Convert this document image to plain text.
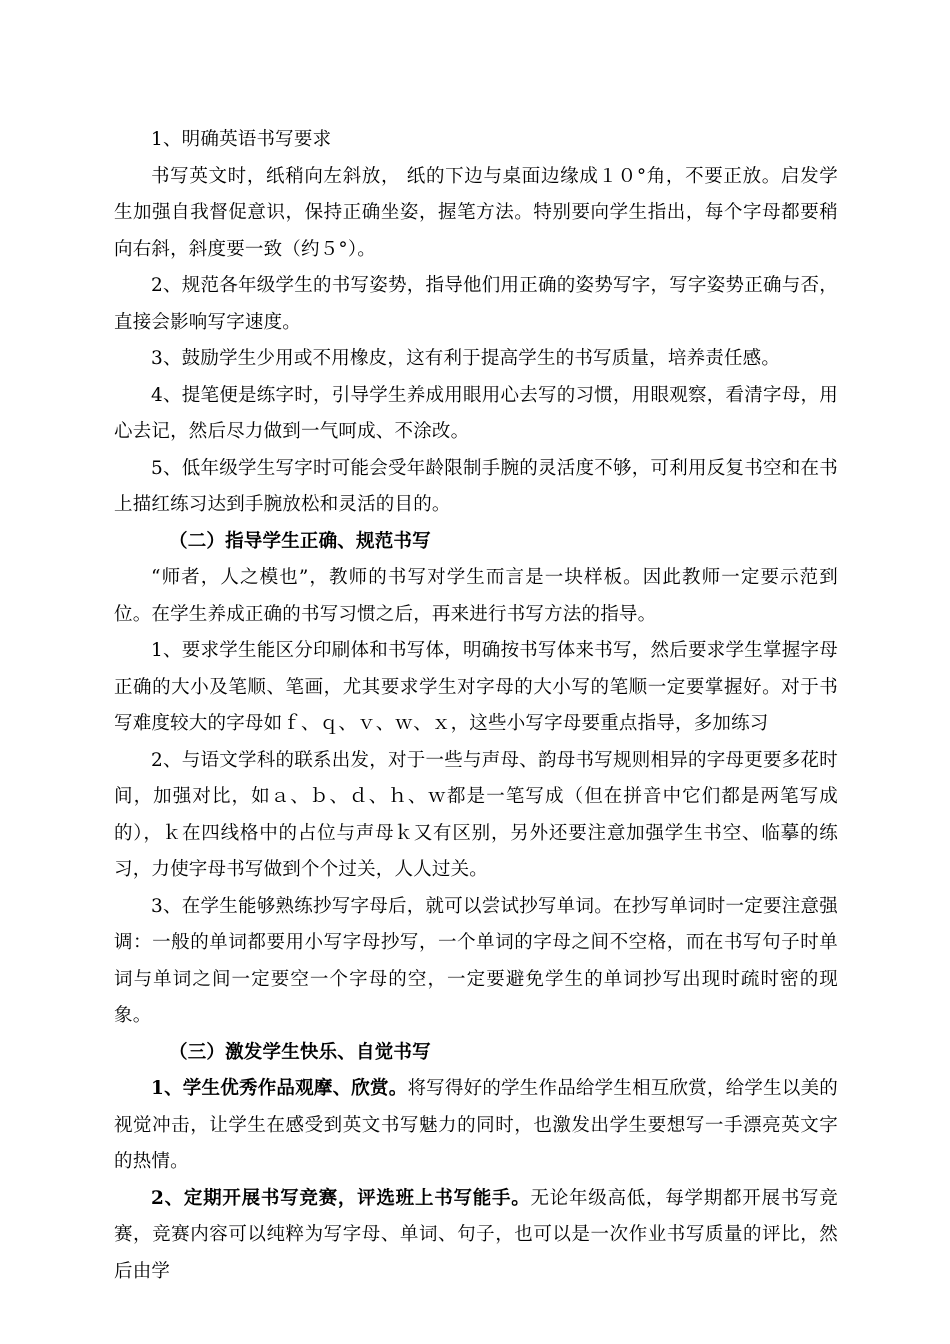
1、明确英语书写要求

书写英文时，纸稍向左斜放， 纸的下边与桌面边缘成１０°角，不要正放。启发学生加强自我督促意识，保持正确坐姿，握笔方法。特别要向学生指出，每个字母都要稍向右斜，斜度要一致（约５°）。

2、规范各年级学生的书写姿势，指导他们用正确的姿势写字，写字姿势正确与否，直接会影响写字速度。

3、鼓励学生少用或不用橡皮，这有利于提高学生的书写质量，培养责任感。

4、提笔便是练字时，引导学生养成用眼用心去写的习惯，用眼观察，看清字母，用心去记，然后尽力做到一气呵成、不涂改。

5、低年级学生写字时可能会受年龄限制手腕的灵活度不够，可利用反复书空和在书上描红练习达到手腕放松和灵活的目的。

（二）指导学生正确、规范书写

“师者，人之模也”，教师的书写对学生而言是一块样板。因此教师一定要示范到位。在学生养成正确的书写习惯之后，再来进行书写方法的指导。

1、要求学生能区分印刷体和书写体，明确按书写体来书写，然后要求学生掌握字母正确的大小及笔顺、笔画，尤其要求学生对字母的大小写的笔顺一定要掌握好。对于书写难度较大的字母如ｆ、ｑ、ｖ、ｗ、ｘ，这些小写字母要重点指导，多加练习

2、与语文学科的联系出发，对于一些与声母、韵母书写规则相异的字母更要多花时间，加强对比，如ａ、ｂ、ｄ、ｈ、ｗ都是一笔写成（但在拼音中它们都是两笔写成的），ｋ在四线格中的占位与声母ｋ又有区别，另外还要注意加强学生书空、临摹的练习，力使字母书写做到个个过关，人人过关。

3、在学生能够熟练抄写字母后，就可以尝试抄写单词。在抄写单词时一定要注意强调：一般的单词都要用小写字母抄写，一个单词的字母之间不空格，而在书写句子时单词与单词之间一定要空一个字母的空，一定要避免学生的单词抄写出现时疏时密的现象。

（三）激发学生快乐、自觉书写

1、学生优秀作品观摩、欣赏。将写得好的学生作品给学生相互欣赏，给学生以美的视觉冲击，让学生在感受到英文书写魅力的同时，也激发出学生要想写一手漂亮英文字的热情。

2、定期开展书写竞赛，评选班上书写能手。无论年级高低，每学期都开展书写竞赛，竞赛内容可以纯粹为写字母、单词、句子，也可以是一次作业书写质量的评比，然后由学
